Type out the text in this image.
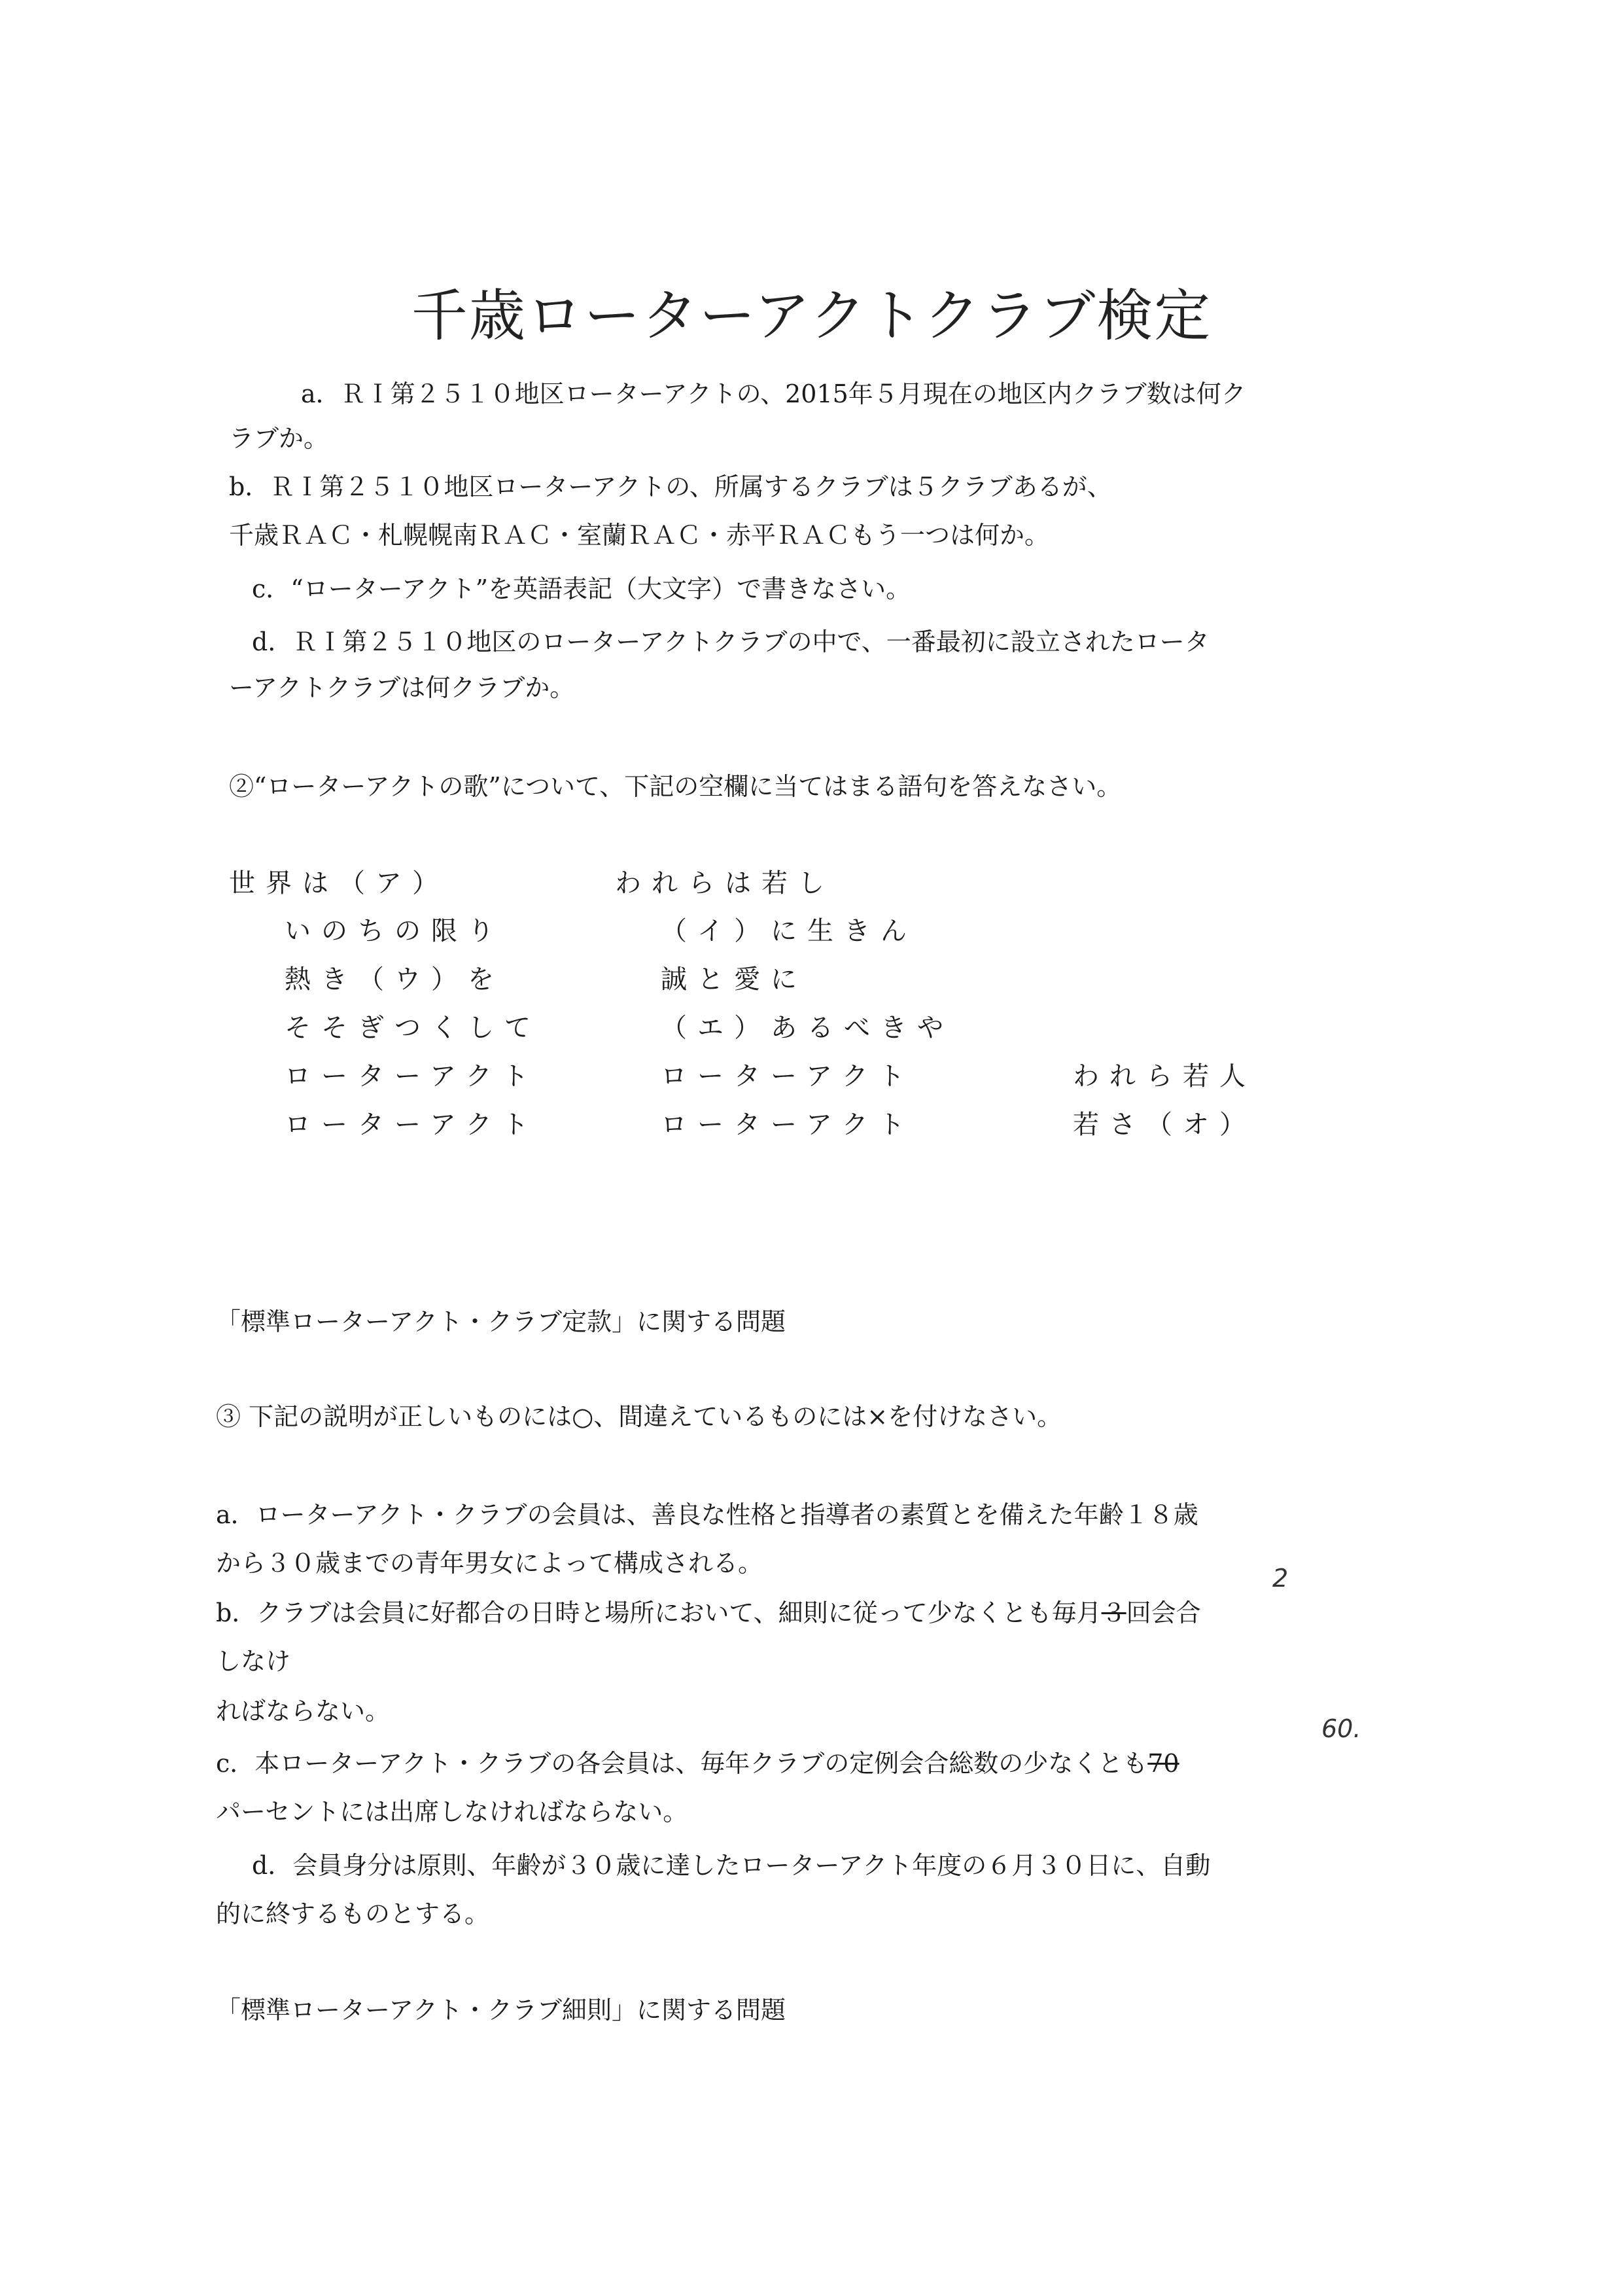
千歳ローターアクトクラブ検定
a．ＲＩ第２５１０地区ローターアクトの、2015年５月現在の地区内クラブ数は何ク
ラブか。
b．ＲＩ第２５１０地区ローターアクトの、所属するクラブは５クラブあるが、
千歳ＲＡＣ・札幌幌南ＲＡＣ・室蘭ＲＡＣ・赤平ＲＡＣもう一つは何か。
c．“ローターアクト”を英語表記（大文字）で書きなさい。
d．ＲＩ第２５１０地区のローターアクトクラブの中で、一番最初に設立されたロータ
ーアクトクラブは何クラブか。
②“ローターアクトの歌”について、下記の空欄に当てはまる語句を答えなさい。
世界は（ア）	われらは若し
いのちの限り	（イ）に生きん
熱き（ウ）を	誠と愛に
そそぎつくして	（エ）あるべきや
ローターアクト	ローターアクト	われら若人
ローターアクト	ローターアクト	若さ（オ）
「標準ローターアクト・クラブ定款」に関する問題
③ 下記の説明が正しいものには○、間違えているものには×を付けなさい。
a．ローターアクト・クラブの会員は、善良な性格と指導者の素質とを備えた年齢１８歳
から３０歳までの青年男女によって構成される。
2
b．クラブは会員に好都合の日時と場所において、細則に従って少なくとも毎月３回会合
しなけ
ればならない。
60.
c．本ローターアクト・クラブの各会員は、毎年クラブの定例会合総数の少なくとも70
パーセントには出席しなければならない。
d．会員身分は原則、年齢が３０歳に達したローターアクト年度の６月３０日に、自動
的に終するものとする。
「標準ローターアクト・クラブ細則」に関する問題
